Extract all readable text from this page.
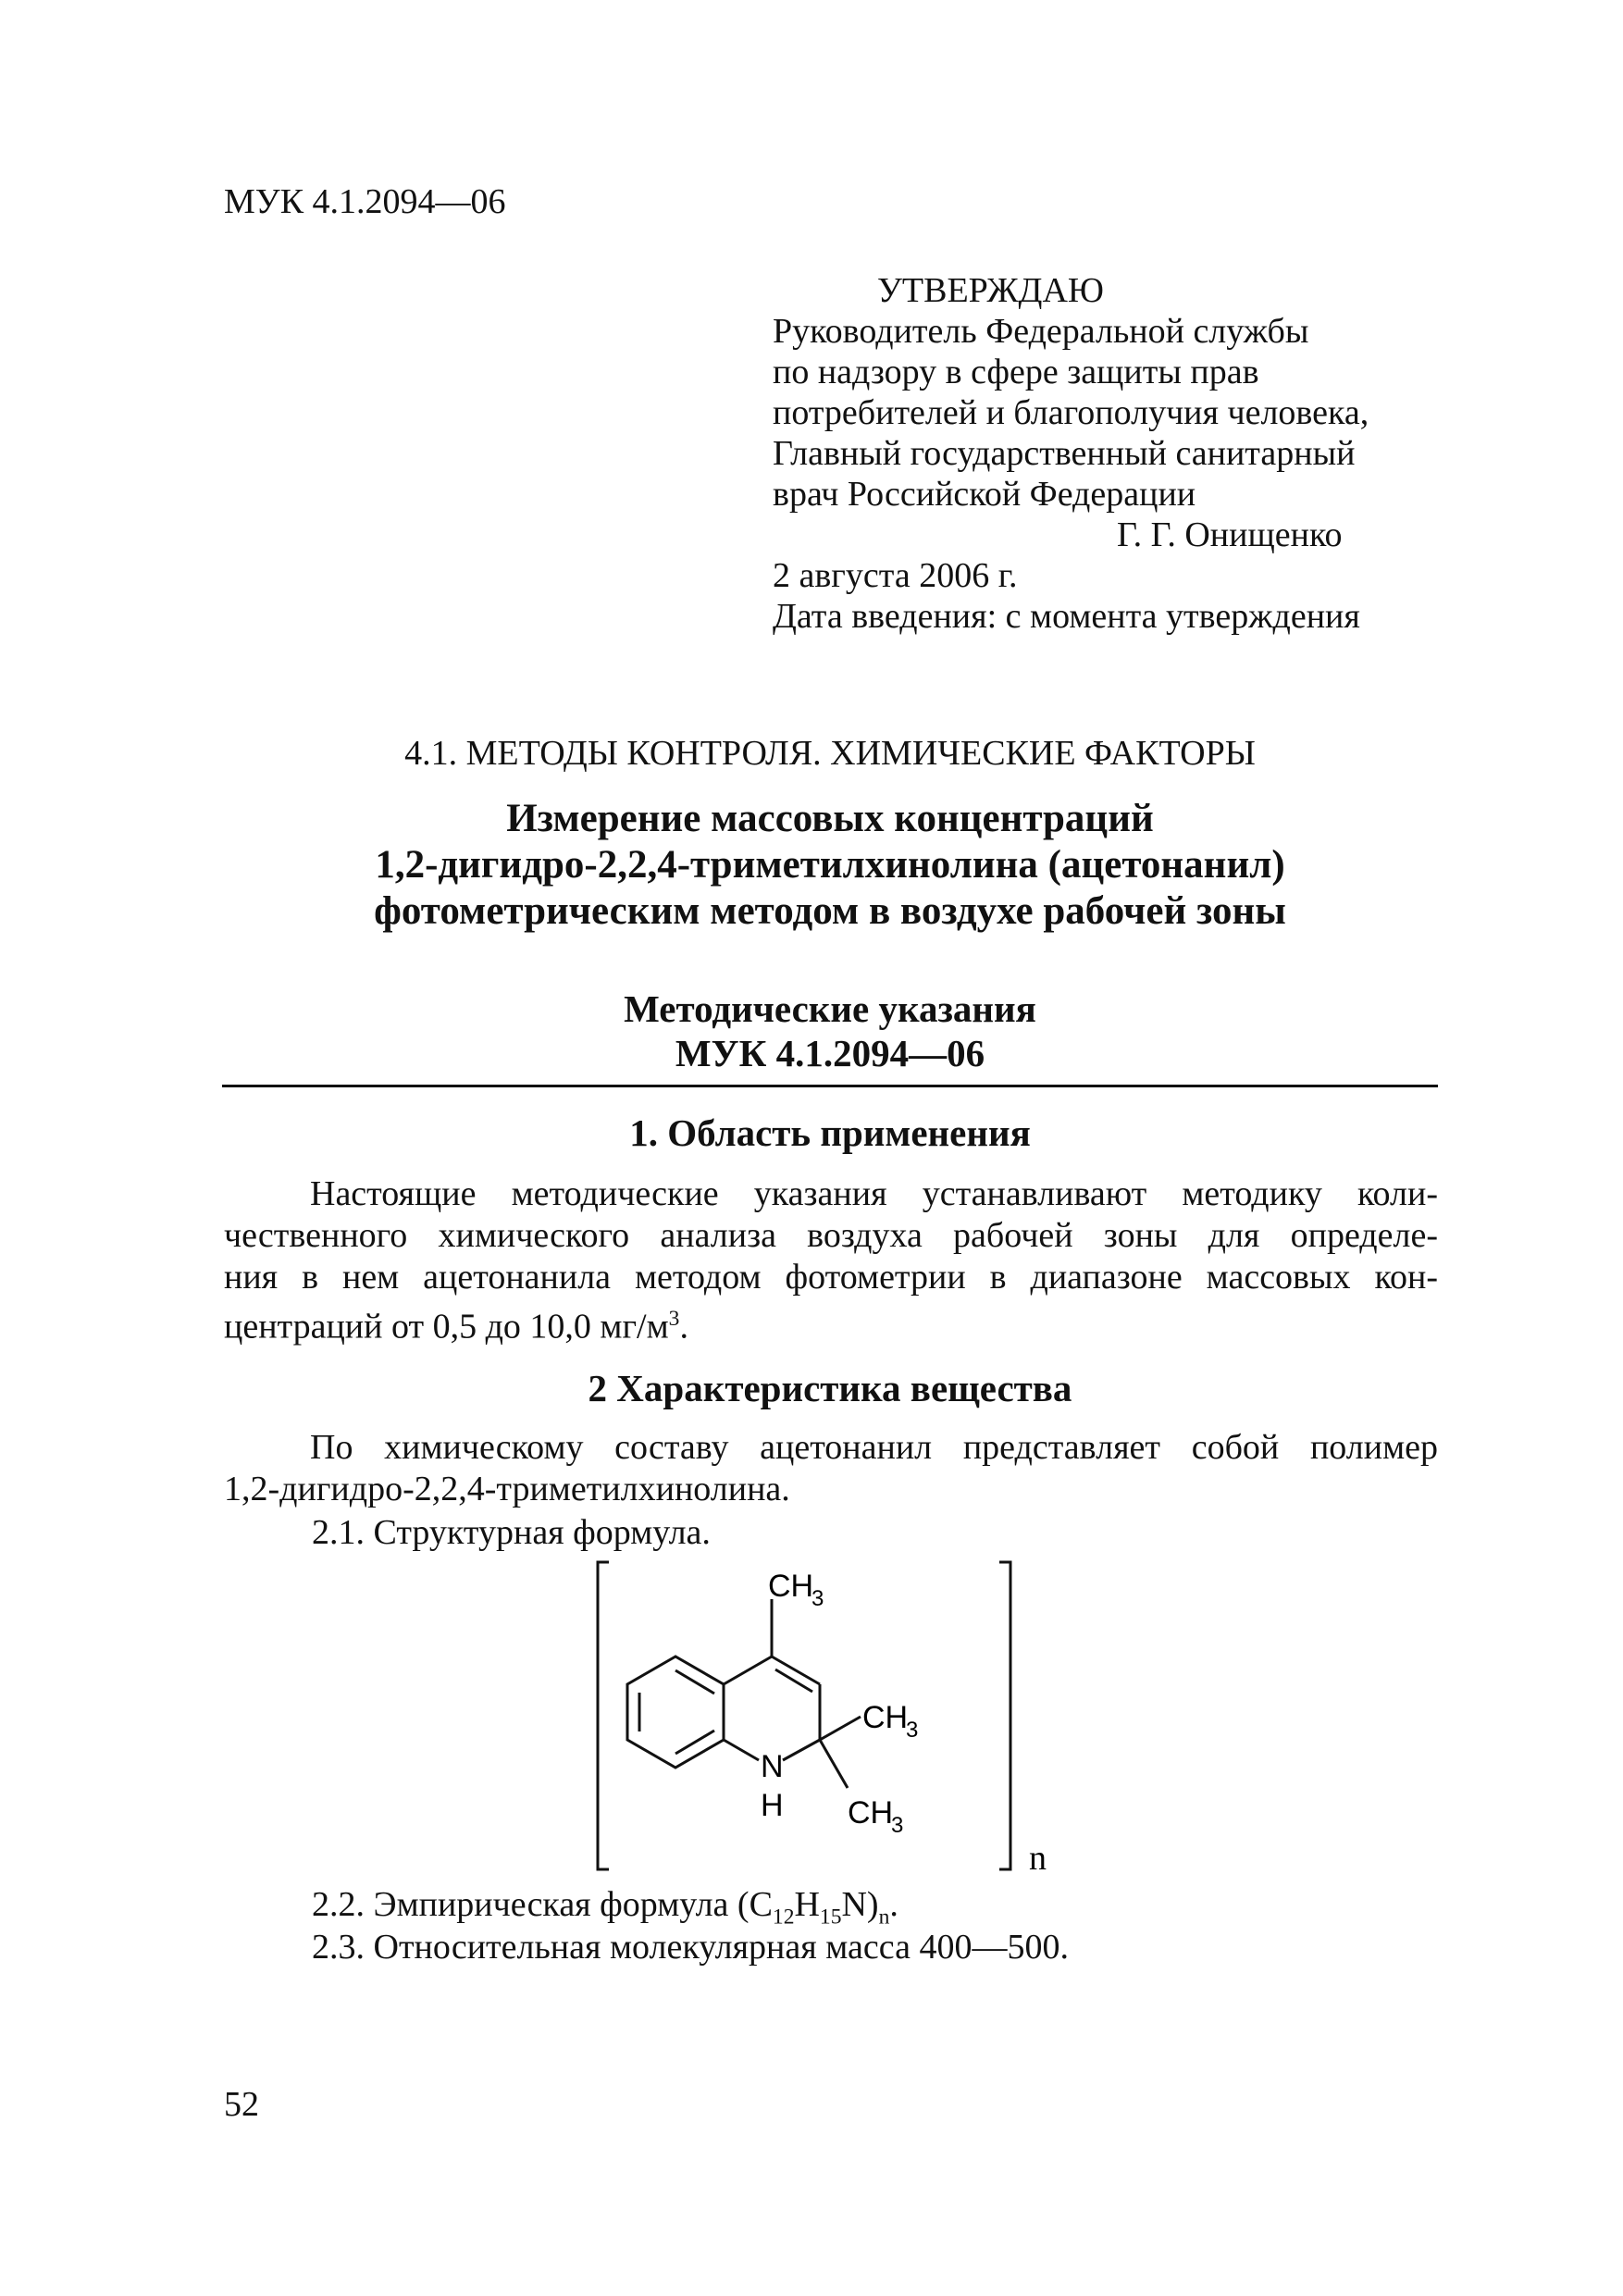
МУК 4.1.2094—06
УТВЕРЖДАЮ
Руководитель Федеральной службы
по надзору в сфере защиты прав
потребителей и благополучия человека,
Главный государственный санитарный
врач Российской Федерации
Г. Г. Онищенко
2 августа 2006 г.
Дата введения: с момента утверждения
4.1. МЕТОДЫ КОНТРОЛЯ. ХИМИЧЕСКИЕ ФАКТОРЫ
Измерение массовых концентраций
1,2-дигидро-2,2,4-триметилхинолина (ацетонанил)
фотометрическим методом в воздухе рабочей зоны
Методические указания
МУК 4.1.2094—06
1. Область применения
Настоящие методические указания устанавливают методику коли-
чественного химического анализа воздуха рабочей зоны для определе-
ния в нем ацетонанила методом фотометрии в диапазоне массовых кон-
центраций от 0,5 до 10,0 $мг/м^3$.
2 Характеристика вещества
По химическому составу ацетонанил представляет собой полимер
1,2-дигидро-2,2,4-триметилхинолина.
2.1. Структурная формула.
CH
3
CH
3
CH
3
N
H
n
2.2. Эмпирическая формула $(C_{12}H_{15}N)_n$.
2.3. Относительная молекулярная масса 400—500.
52
